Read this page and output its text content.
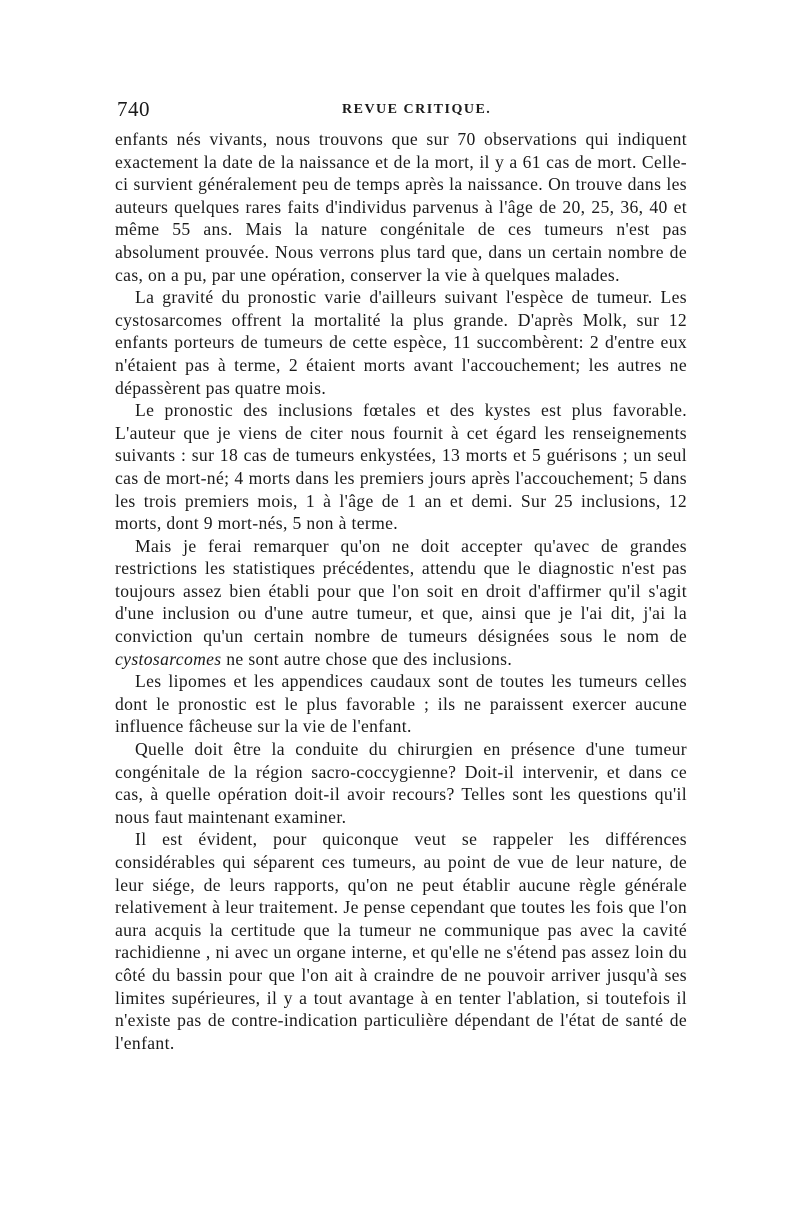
740	REVUE CRITIQUE.

enfants nés vivants, nous trouvons que sur 70 observations qui indiquent exactement la date de la naissance et de la mort, il y a 61 cas de mort. Celle-ci survient généralement peu de temps après la naissance. On trouve dans les auteurs quelques rares faits d'individus parvenus à l'âge de 20, 25, 36, 40 et même 55 ans. Mais la nature congénitale de ces tumeurs n'est pas absolument prouvée. Nous verrons plus tard que, dans un certain nombre de cas, on a pu, par une opération, conserver la vie à quelques malades.

La gravité du pronostic varie d'ailleurs suivant l'espèce de tumeur. Les cystosarcomes offrent la mortalité la plus grande. D'après Molk, sur 12 enfants porteurs de tumeurs de cette espèce, 11 succombèrent: 2 d'entre eux n'étaient pas à terme, 2 étaient morts avant l'accouchement; les autres ne dépassèrent pas quatre mois.

Le pronostic des inclusions fœtales et des kystes est plus favorable. L'auteur que je viens de citer nous fournit à cet égard les renseignements suivants : sur 18 cas de tumeurs enkystées, 13 morts et 5 guérisons ; un seul cas de mort-né; 4 morts dans les premiers jours après l'accouchement; 5 dans les trois premiers mois, 1 à l'âge de 1 an et demi. Sur 25 inclusions, 12 morts, dont 9 mort-nés, 5 non à terme.

Mais je ferai remarquer qu'on ne doit accepter qu'avec de grandes restrictions les statistiques précédentes, attendu que le diagnostic n'est pas toujours assez bien établi pour que l'on soit en droit d'affirmer qu'il s'agit d'une inclusion ou d'une autre tumeur, et que, ainsi que je l'ai dit, j'ai la conviction qu'un certain nombre de tumeurs désignées sous le nom de cystosarcomes ne sont autre chose que des inclusions.

Les lipomes et les appendices caudaux sont de toutes les tumeurs celles dont le pronostic est le plus favorable ; ils ne paraissent exercer aucune influence fâcheuse sur la vie de l'enfant.

Quelle doit être la conduite du chirurgien en présence d'une tumeur congénitale de la région sacro-coccygienne? Doit-il intervenir, et dans ce cas, à quelle opération doit-il avoir recours? Telles sont les questions qu'il nous faut maintenant examiner.

Il est évident, pour quiconque veut se rappeler les différences considérables qui séparent ces tumeurs, au point de vue de leur nature, de leur siége, de leurs rapports, qu'on ne peut établir aucune règle générale relativement à leur traitement. Je pense cependant que toutes les fois que l'on aura acquis la certitude que la tumeur ne communique pas avec la cavité rachidienne , ni avec un organe interne, et qu'elle ne s'étend pas assez loin du côté du bassin pour que l'on ait à craindre de ne pouvoir arriver jusqu'à ses limites supérieures, il y a tout avantage à en tenter l'ablation, si toutefois il n'existe pas de contre-indication particulière dépendant de l'état de santé de l'enfant.
